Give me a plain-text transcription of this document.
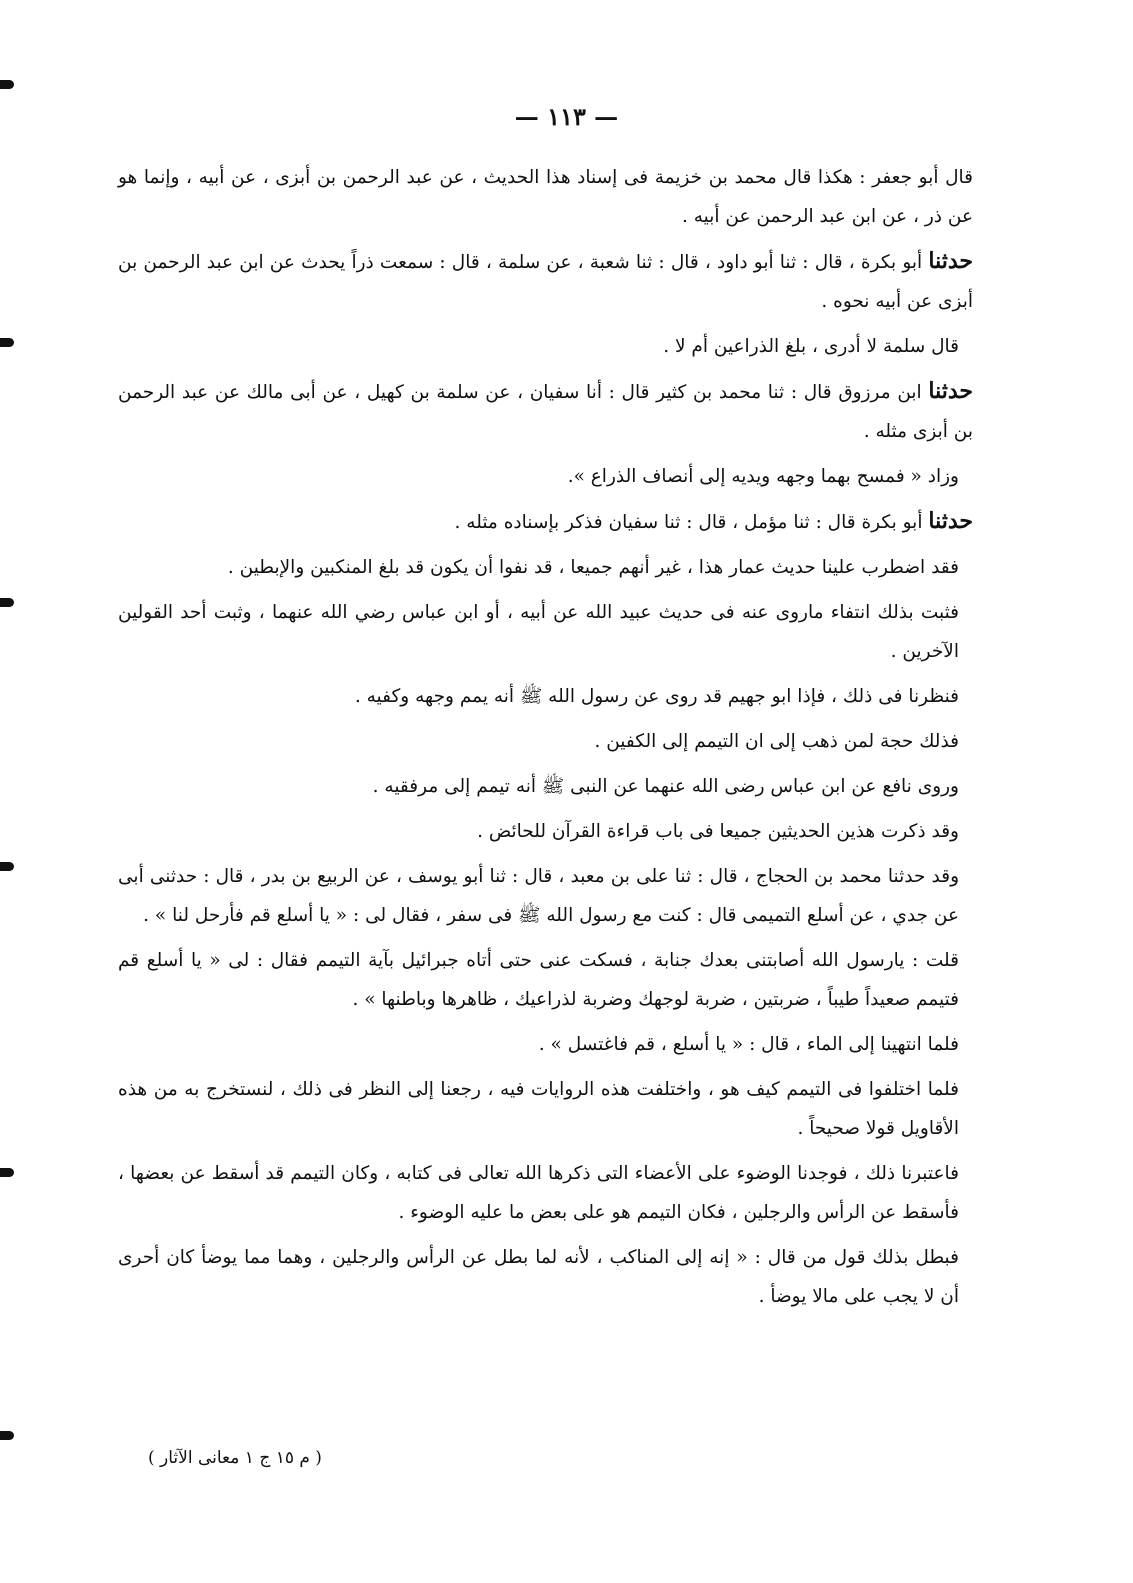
— ١١٣ —

قال أبو جعفر : هكذا قال محمد بن خزيمة فى إسناد هذا الحديث ، عن عبد الرحمن بن أبزى ، عن أبيه ، وإنما هو عن ذر ، عن ابن عبد الرحمن عن أبيه .

حدثنا أبو بكرة ، قال : ثنا أبو داود ، قال : ثنا شعبة ، عن سلمة ، قال : سمعت ذراً يحدث عن ابن عبد الرحمن بن أبزى عن أبيه نحوه .

قال سلمة لا أدرى ، بلغ الذراعين أم لا .

حدثنا ابن مرزوق قال : ثنا محمد بن كثير قال : أنا سفيان ، عن سلمة بن كهيل ، عن أبى مالك عن عبد الرحمن بن أبزى مثله .

وزاد « فمسح بهما وجهه ويديه إلى أنصاف الذراع ».

حدثنا أبو بكرة قال : ثنا مؤمل ، قال : ثنا سفيان فذكر بإسناده مثله .

فقد اضطرب علينا حديث عمار هذا ، غير أنهم جميعا ، قد نفوا أن يكون قد بلغ المنكبين والإبطين .

فثبت بذلك انتفاء ماروى عنه فى حديث عبيد الله عن أبيه ، أو ابن عباس رضي الله عنهما ، وثبت أحد القولين الآخرين .

فنظرنا فى ذلك ، فإذا ابو جهيم قد روى عن رسول الله ﷺ أنه يمم وجهه وكفيه .

فذلك حجة لمن ذهب إلى ان التيمم إلى الكفين .

وروى نافع عن ابن عباس رضى الله عنهما عن النبى ﷺ أنه تيمم إلى مرفقيه .

وقد ذكرت هذين الحديثين جميعا فى باب قراءة القرآن للحائض .

وقد حدثنا محمد بن الحجاج ، قال : ثنا على بن معبد ، قال : ثنا أبو يوسف ، عن الربيع بن بدر ، قال : حدثنى أبى عن جدي ، عن أسلع التميمى قال : كنت مع رسول الله ﷺ فى سفر ، فقال لى : « يا أسلع قم فأرحل لنا » .

قلت : يارسول الله أصابتنى بعدك جنابة ، فسكت عنى حتى أتاه جبرائيل بآية التيمم فقال : لى « يا أسلع قم فتيمم صعيداً طيباً ، ضربتين ، ضربة لوجهك وضربة لذراعيك ، ظاهرها وباطنها » .

فلما انتهينا إلى الماء ، قال : « يا أسلع ، قم فاغتسل » .

فلما اختلفوا فى التيمم كيف هو ، واختلفت هذه الروايات فيه ، رجعنا إلى النظر فى ذلك ، لنستخرج به من هذه الأقاويل قولا صحيحاً .

فاعتبرنا ذلك ، فوجدنا الوضوء على الأعضاء التى ذكرها الله تعالى فى كتابه ، وكان التيمم قد أسقط عن بعضها ، فأسقط عن الرأس والرجلين ، فكان التيمم هو على بعض ما عليه الوضوء .

فبطل بذلك قول من قال : « إنه إلى المناكب ، لأنه لما بطل عن الرأس والرجلين ، وهما مما يوضأ كان أحرى أن لا يجب على مالا يوضأ .

( م ١٥ ج ١ معانى الآثار )
